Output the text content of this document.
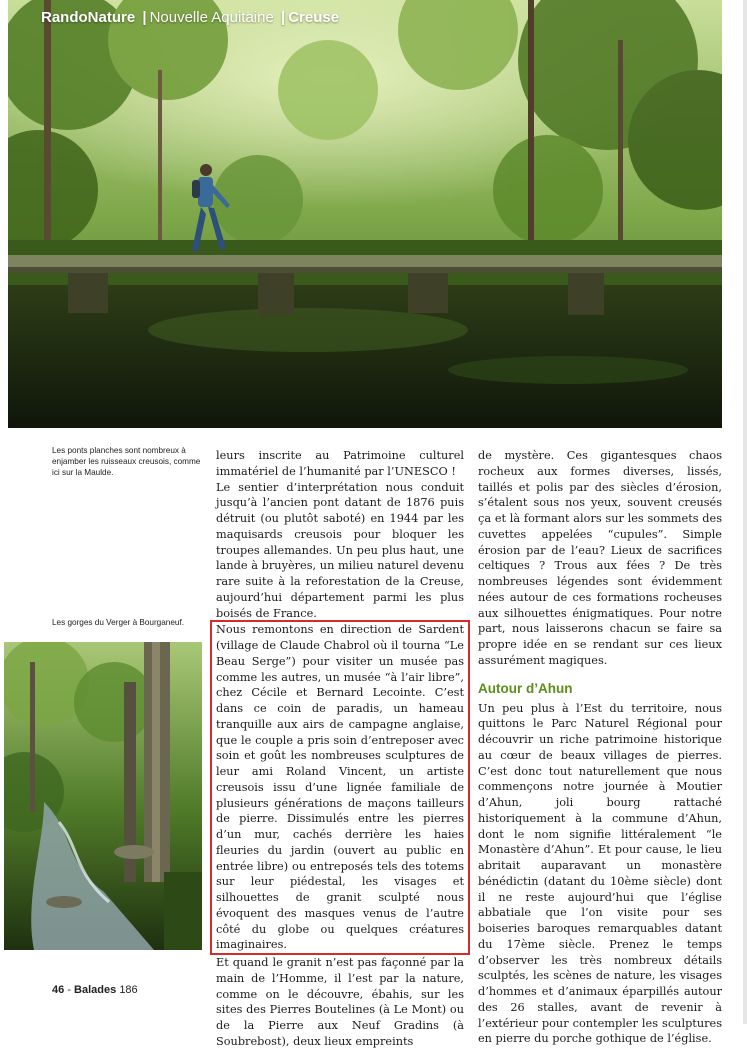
RandoNature | Nouvelle Aquitaine | Creuse
Les ponts planches sont nombreux à enjamber les ruisseaux creusois, comme ici sur la Maulde.
Les gorges du Verger à Bourganeuf.

leurs inscrite au Patrimoine culturel immatériel de l’humanité par l’UNESCO !

Le sentier d’interprétation nous conduit jusqu’à l’ancien pont datant de 1876 puis détruit (ou plutôt saboté) en 1944 par les maquisards creusois pour bloquer les troupes allemandes. Un peu plus haut, une lande à bruyères, un milieu naturel devenu rare suite à la reforestation de la Creuse, aujourd’hui département parmi les plus boisés de France.

Nous remontons en direction de Sardent (village de Claude Chabrol où il tourna “Le Beau Serge”) pour visiter un musée pas comme les autres, un musée “à l’air libre”, chez Cécile et Bernard Lecointe. C’est dans ce coin de paradis, un hameau tranquille aux airs de campagne anglaise, que le couple a pris soin d’entreposer avec soin et goût les nombreuses sculptures de leur ami Roland Vincent, un artiste creusois issu d’une lignée familiale de plusieurs générations de maçons tailleurs de pierre. Dissimulés entre les pierres d’un mur, cachés derrière les haies fleuries du jardin (ouvert au public en entrée libre) ou entreposés tels des totems sur leur piédestal, les visages et silhouettes de granit sculpté nous évoquent des masques venus de l’autre côté du globe ou quelques créatures imaginaires.

Et quand le granit n’est pas façonné par la main de l’Homme, il l’est par la nature, comme on le découvre, ébahis, sur les sites des Pierres Boutelines (à Le Mont) ou de la Pierre aux Neuf Gradins (à Soubrebost), deux lieux empreints

de mystère. Ces gigantesques chaos rocheux aux formes diverses, lissés, taillés et polis par des siècles d’érosion, s’étalent sous nos yeux, souvent creusés ça et là formant alors sur les sommets des cuvettes appelées “cupules”. Simple érosion par de l’eau? Lieux de sacrifices celtiques ? Trous aux fées ? De très nombreuses légendes sont évidemment nées autour de ces formations rocheuses aux silhouettes énigmatiques. Pour notre part, nous laisserons chacun se faire sa propre idée en se rendant sur ces lieux assurément magiques.

Autour d’Ahun

Un peu plus à l’Est du territoire, nous quittons le Parc Naturel Régional pour découvrir un riche patrimoine historique au cœur de beaux villages de pierres. C’est donc tout naturellement que nous commençons notre journée à Moutier d’Ahun, joli bourg rattaché historiquement à la commune d’Ahun, dont le nom signifie littéralement “le Monastère d’Ahun”. Et pour cause, le lieu abritait auparavant un monastère bénédictin (datant du 10ème siècle) dont il ne reste aujourd’hui que l’église abbatiale que l’on visite pour ses boiseries baroques remarquables datant du 17ème siècle. Prenez le temps d’observer les très nombreux détails sculptés, les scènes de nature, les visages d’hommes et d’animaux éparpillés autour des 26 stalles, avant de revenir à l’extérieur pour contempler les sculptures en pierre du porche gothique de l’église.

46 - Balades 186
